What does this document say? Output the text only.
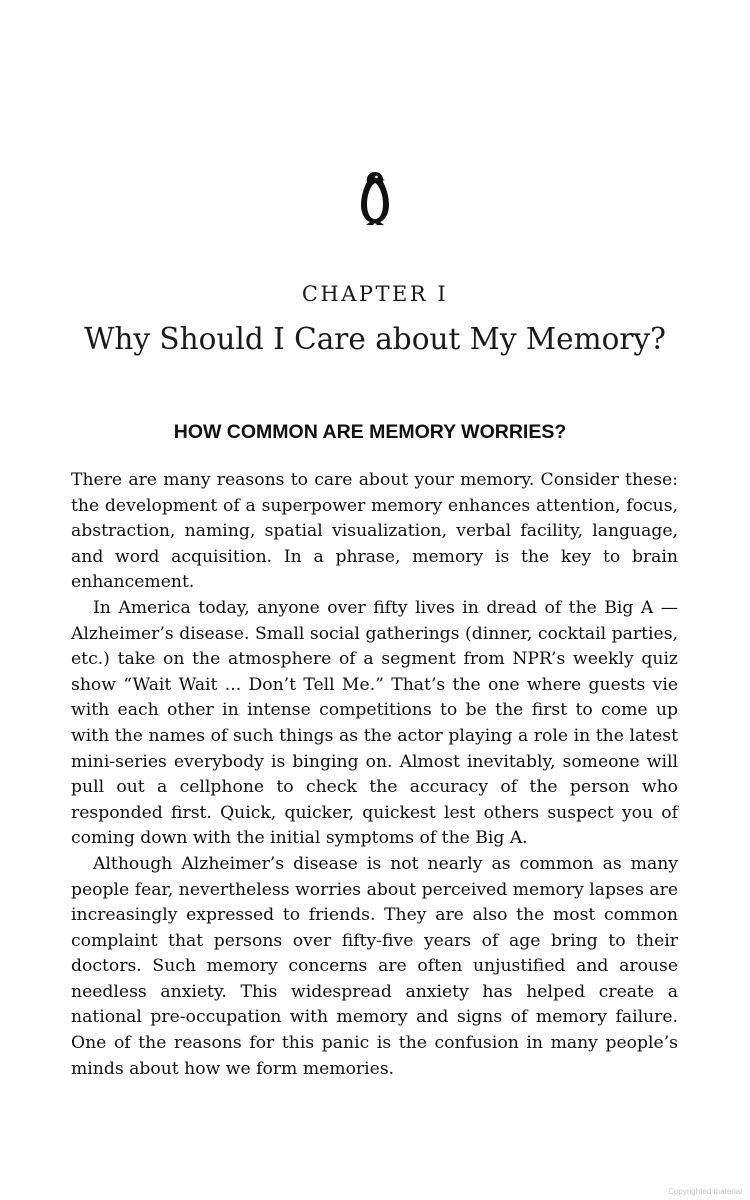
CHAPTER I
Why Should I Care about My Memory?
HOW COMMON ARE MEMORY WORRIES?

There are many reasons to care about your memory. Consider these: the development of a superpower memory enhances attention, focus, abstraction, naming, spatial visualization, verbal facility, language, and word acquisition. In a phrase, memory is the key to brain enhancement.

In America today, anyone over fifty lives in dread of the Big A —Alzheimer’s disease. Small social gatherings (dinner, cocktail parties, etc.) take on the atmosphere of a segment from NPR’s weekly quiz show “Wait Wait ... Don’t Tell Me.” That’s the one where guests vie with each other in intense competitions to be the first to come up with the names of such things as the actor playing a role in the latest mini-series everybody is binging on. Almost inevitably, someone will pull out a cellphone to check the accuracy of the person who responded first. Quick, quicker, quickest lest others suspect you of coming down with the initial symptoms of the Big A.

Although Alzheimer’s disease is not nearly as common as many people fear, nevertheless worries about perceived memory lapses are increasingly expressed to friends. They are also the most common complaint that persons over fifty-five years of age bring to their doctors. Such memory concerns are often unjustified and arouse needless anxiety. This widespread anxiety has helped create a national pre-occupation with memory and signs of memory failure. One of the reasons for this panic is the confusion in many people’s minds about how we form memories.

Copyrighted material
